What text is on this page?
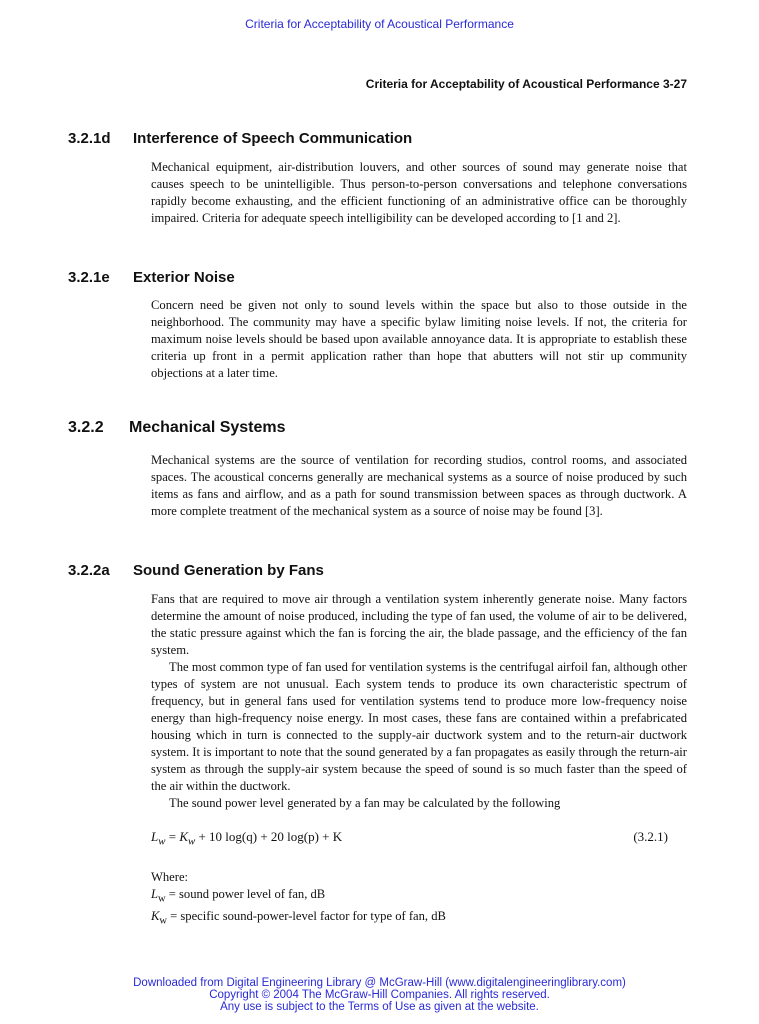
Criteria for Acceptability of Acoustical Performance
Criteria for Acceptability of Acoustical Performance 3-27
3.2.1d Interference of Speech Communication

Mechanical equipment, air-distribution louvers, and other sources of sound may generate noise that causes speech to be unintelligible. Thus person-to-person conversations and telephone conversations rapidly become exhausting, and the efficient functioning of an administrative office can be thoroughly impaired. Criteria for adequate speech intelligibility can be developed according to [1 and 2].

3.2.1e Exterior Noise

Concern need be given not only to sound levels within the space but also to those outside in the neighborhood. The community may have a specific bylaw limiting noise levels. If not, the criteria for maximum noise levels should be based upon available annoyance data. It is appropriate to establish these criteria up front in a permit application rather than hope that abutters will not stir up community objections at a later time.

3.2.2 Mechanical Systems

Mechanical systems are the source of ventilation for recording studios, control rooms, and associated spaces. The acoustical concerns generally are mechanical systems as a source of noise produced by such items as fans and airflow, and as a path for sound transmission between spaces as through ductwork. A more complete treatment of the mechanical system as a source of noise may be found [3].

3.2.2a Sound Generation by Fans

Fans that are required to move air through a ventilation system inherently generate noise. Many factors determine the amount of noise produced, including the type of fan used, the volume of air to be delivered, the static pressure against which the fan is forcing the air, the blade passage, and the efficiency of the fan system.

The most common type of fan used for ventilation systems is the centrifugal airfoil fan, although other types of system are not unusual. Each system tends to produce its own characteristic spectrum of frequency, but in general fans used for ventilation systems tend to produce more low-frequency noise energy than high-frequency noise energy. In most cases, these fans are contained within a prefabricated housing which in turn is connected to the supply-air ductwork system and to the return-air ductwork system. It is important to note that the sound generated by a fan propagates as easily through the return-air system as through the supply-air system because the speed of sound is so much faster than the speed of the air within the ductwork.

The sound power level generated by a fan may be calculated by the following

$L_w = K_w + 10$ log(q) + 20 log(p) + K	(3.2.1)
Where:
$L_w$ = sound power level of fan, dB
$K_w$ = specific sound-power-level factor for type of fan, dB
Downloaded from Digital Engineering Library @ McGraw-Hill (www.digitalengineeringlibrary.com)
Copyright © 2004 The McGraw-Hill Companies. All rights reserved.
Any use is subject to the Terms of Use as given at the website.
